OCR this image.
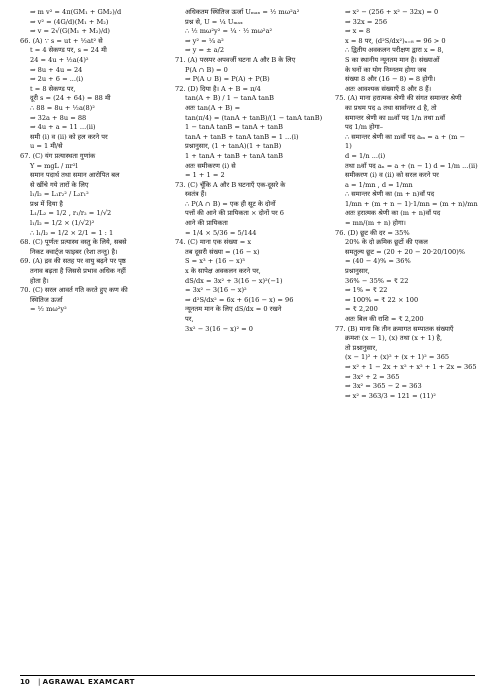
⇒ m v² = 4π(GM₁ + GM₂)/d
⇒ v² = (4G/d)(M₁ + M₂)
⇒ v = 2√(G(M₁ + M₂)/d)
66. (A) ∵ s = ut + ½at² से
t = 4 सेकण्ड पर, s = 24 मी
24 = 4u + ½a(4)²
⇒ 8u + 4u = 24
⇒ 2u + 6 = ...(i)
t = 8 सेकण्ड पर,
दूरी s = (24 + 64) = 88 मी
∴ 88 = 8u + ½a(8)²
⇒ 32a + 8u = 88
⇒ 4u + a = 11 ...(ii)
समी (i) व (ii) को हल करने पर
u = 1 मी/से
67. (C) यंग प्रत्यास्थता गुणांक
Y = mgL / πr²l
समान पदार्थ तथा समान आरोपित बल
से खींचे गये तारों के लिए
l₁/l₂ = L₁r₂² / L₂r₁²
प्रश्न में दिया है
L₁/L₂ = 1/2 , r₁/r₂ = 1/√2
l₁/l₂ = 1/2 × (1/√2)²
∴ l₁/l₂ = 1/2 × 2/1 = 1 : 1
68. (C) पूर्णतः प्रत्यास्थ वस्तु के लिये, सबसे
निकट क्वार्ट्ज फाइबर (रेशा तन्तु) है।
69. (A) द्रव की सतह पर वायु बढ़ने पर पृष्ठ
तनाव बढ़ता है जिससे प्रभाव अधिक नहीं
होता है।
70. (C) सरल आवर्त गति करते हुए कण की
स्थितिज ऊर्जा
= ½ mω²y²
अधिकतम स्थितिज ऊर्जा Uₘₐₓ = ½ mω²a²
प्रश्न से, U = ¼ Uₘₐₓ
∴ ½ mω²y² = ¼ · ½ mω²a²
⇒ y² = ¼ a²
⇒ y = ± a/2
71. (A) परस्पर अपवर्जी घटना A और B के लिए
P(A ∩ B) = 0
⇒ P(A ∪ B) = P(A) + P(B)
72. (D) दिया है। A + B = π/4
tan(A + B) / 1 − tanA tanB
अतः tan(A + B) =
tan(π/4) = (tanA + tanB)/(1 − tanA tanB)
1 − tanA tanB = tanA + tanB
tanA + tanB + tanA tanB = 1 ...(i)
प्रश्नानुसार, (1 + tanA)(1 + tanB)
1 + tanA + tanB + tanA tanB
अतः समीकरण (i) से
= 1 + 1 = 2
73. (C) चूँकि A और B घटनाएँ एक-दूसरे के
स्वतंत्र हैं।
∴ P(A ∩ B) = एक ही सूट के दोनों
पत्तों की आने की प्रायिकता × दोनों पर 6
आने की प्रायिकता
= 1/4 × 5/36 = 5/144
74. (C) माना एक संख्या = x
तब दूसरी संख्या = (16 − x)
S = x³ + (16 − x)³
x के सापेक्ष अवकलन करने पर,
dS/dx = 3x² + 3(16 − x)²(−1)
= 3x² − 3(16 − x)²
⇒ d²S/dx² = 6x + 6(16 − x) = 96
न्यूनतम मान के लिए dS/dx = 0 रखने
पर,
3x² − 3(16 − x)² = 0
⇒ x² − (256 + x² − 32x) = 0
⇒ 32x = 256
⇒ x = 8
x = 8 पर, (d²S/dx²)ₓ₌₈ = 96 > 0
∴ द्वितीय अवकलन परीक्षण द्वारा x = 8,
S का स्थानीय न्यूनतम मान है। संख्याओं
के घनों का योग निम्नतम होगा जब
संख्या 8 और (16 − 8) = 8 होगी।
अतः आवश्यक संख्याएँ 8 और 8 हैं।
75. (A) माना हरात्मक श्रेणी की संगत समान्तर श्रेणी
का प्रथम पद a तथा सार्वान्तर d है, तो
समान्तर श्रेणी का mवाँ पद 1/n तथा nवाँ
पद 1/m होगा–
∴ समान्तर श्रेणी का mवाँ पद aₘ = a + (m −
1)
d = 1/n ...(i)
तथा nवाँ पद aₙ = a + (n − 1) d = 1/m ...(ii)
समीकरण (i) व (ii) को सरल करने पर
a = 1/mn , d = 1/mn
∴ समान्तर श्रेणी का (m + n)वाँ पद
1/mn + (m + n − 1)·1/mn = (m + n)/mn
अतः हरात्मक श्रेणी का (m + n)वाँ पद
= mn/(m + n) होगा।
76. (D) छूट की दर = 35%
20% के दो क्रमिक छूटों की एकल
समतुल्य छूट = (20 + 20 − 20·20/100)%
= (40 − 4)% = 36%
प्रश्नानुसार,
36% − 35% = ₹ 22
⇒ 1% = ₹ 22
⇒ 100% = ₹ 22 × 100
= ₹ 2,200
अतः बिल की राशि = ₹ 2,200
77. (B) माना कि तीन क्रमागत सम्पातक संख्याएँ
क्रमशः (x − 1), (x) तथा (x + 1) है,
तो प्रश्नानुसार,
(x − 1)² + (x)² + (x + 1)² = 365
⇒ x² + 1 − 2x + x² + x² + 1 + 2x = 365
⇒ 3x² + 2 = 365
⇒ 3x² = 365 − 2 = 363
⇒ x² = 363/3 = 121 = (11)²
10 | AGRAWAL EXAMCART
